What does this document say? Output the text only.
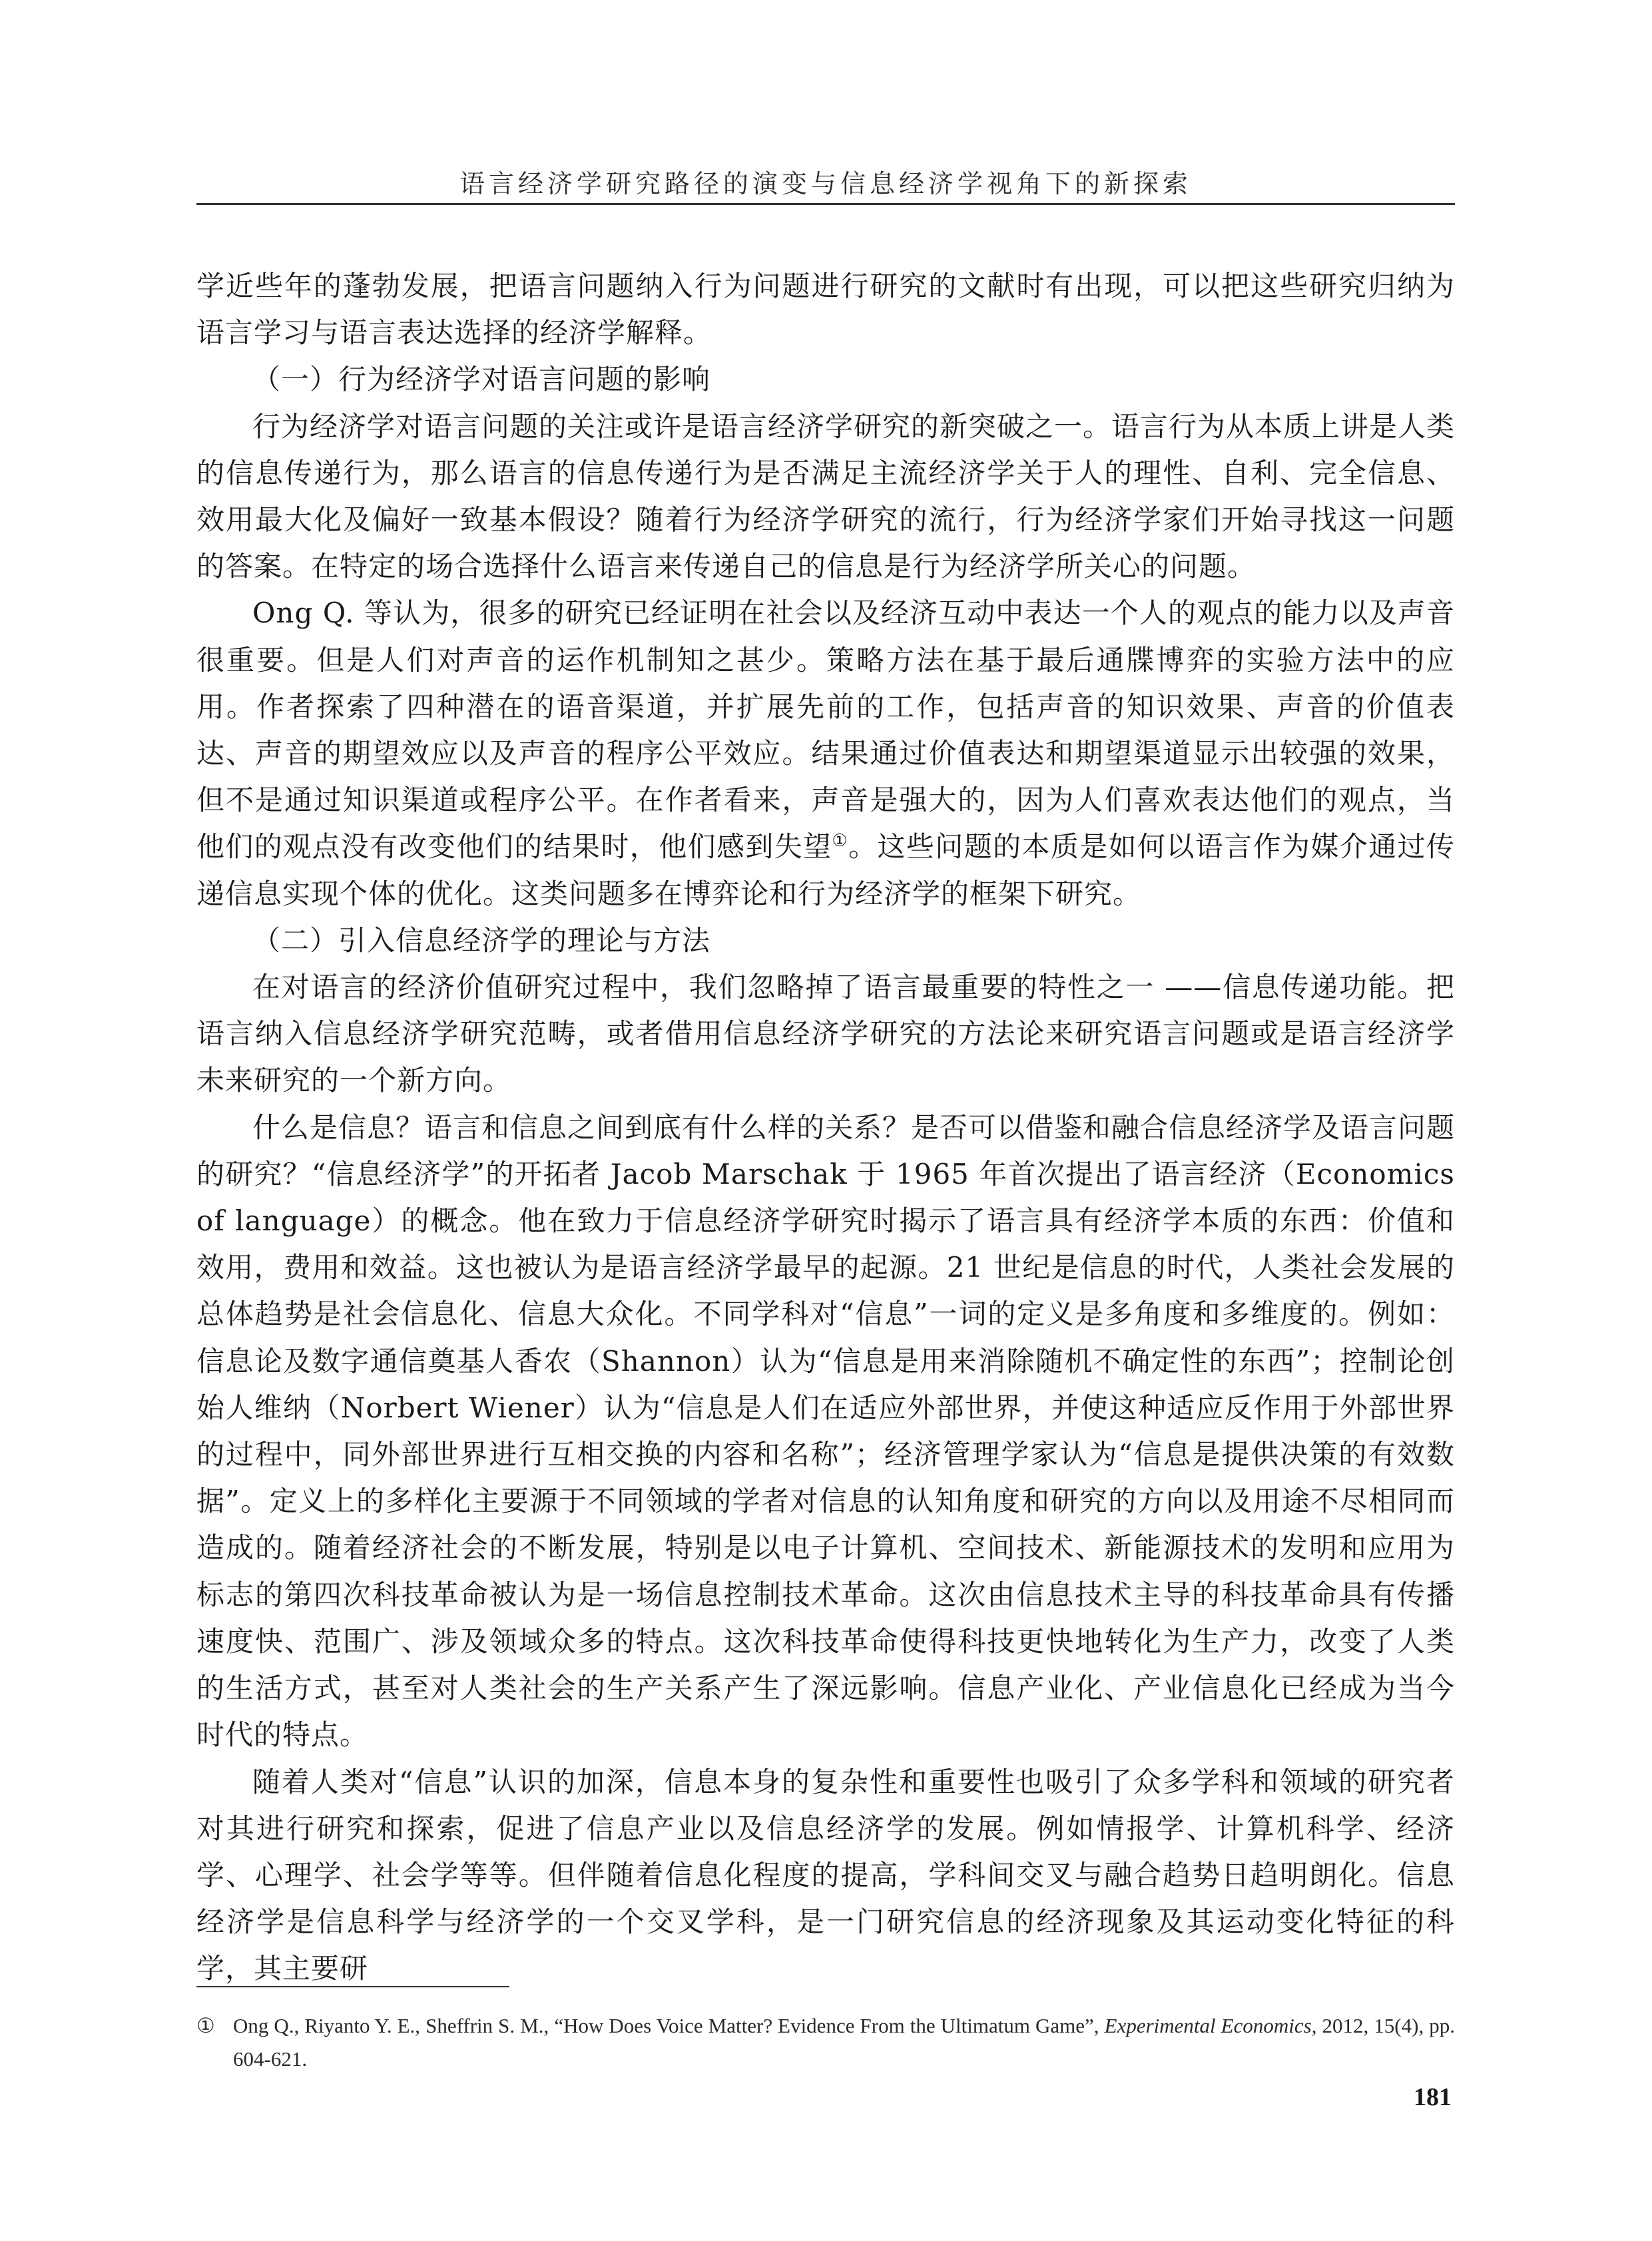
语言经济学研究路径的演变与信息经济学视角下的新探索

学近些年的蓬勃发展，把语言问题纳入行为问题进行研究的文献时有出现，可以把这些研究归纳为语言学习与语言表达选择的经济学解释。

（一）行为经济学对语言问题的影响

行为经济学对语言问题的关注或许是语言经济学研究的新突破之一。语言行为从本质上讲是人类的信息传递行为，那么语言的信息传递行为是否满足主流经济学关于人的理性、自利、完全信息、效用最大化及偏好一致基本假设？随着行为经济学研究的流行，行为经济学家们开始寻找这一问题的答案。在特定的场合选择什么语言来传递自己的信息是行为经济学所关心的问题。

Ong Q. 等认为，很多的研究已经证明在社会以及经济互动中表达一个人的观点的能力以及声音很重要。但是人们对声音的运作机制知之甚少。策略方法在基于最后通牒博弈的实验方法中的应用。作者探索了四种潜在的语音渠道，并扩展先前的工作，包括声音的知识效果、声音的价值表达、声音的期望效应以及声音的程序公平效应。结果通过价值表达和期望渠道显示出较强的效果，但不是通过知识渠道或程序公平。在作者看来，声音是强大的，因为人们喜欢表达他们的观点，当他们的观点没有改变他们的结果时，他们感到失望①。这些问题的本质是如何以语言作为媒介通过传递信息实现个体的优化。这类问题多在博弈论和行为经济学的框架下研究。

（二）引入信息经济学的理论与方法

在对语言的经济价值研究过程中，我们忽略掉了语言最重要的特性之一 ——信息传递功能。把语言纳入信息经济学研究范畴，或者借用信息经济学研究的方法论来研究语言问题或是语言经济学未来研究的一个新方向。

什么是信息？语言和信息之间到底有什么样的关系？是否可以借鉴和融合信息经济学及语言问题的研究？“信息经济学”的开拓者 Jacob Marschak 于 1965 年首次提出了语言经济（Economics of language）的概念。他在致力于信息经济学研究时揭示了语言具有经济学本质的东西：价值和效用，费用和效益。这也被认为是语言经济学最早的起源。21 世纪是信息的时代，人类社会发展的总体趋势是社会信息化、信息大众化。不同学科对“信息”一词的定义是多角度和多维度的。例如：信息论及数字通信奠基人香农（Shannon）认为“信息是用来消除随机不确定性的东西”；控制论创始人维纳（Norbert Wiener）认为“信息是人们在适应外部世界，并使这种适应反作用于外部世界的过程中，同外部世界进行互相交换的内容和名称”；经济管理学家认为“信息是提供决策的有效数据”。定义上的多样化主要源于不同领域的学者对信息的认知角度和研究的方向以及用途不尽相同而造成的。随着经济社会的不断发展，特别是以电子计算机、空间技术、新能源技术的发明和应用为标志的第四次科技革命被认为是一场信息控制技术革命。这次由信息技术主导的科技革命具有传播速度快、范围广、涉及领域众多的特点。这次科技革命使得科技更快地转化为生产力，改变了人类的生活方式，甚至对人类社会的生产关系产生了深远影响。信息产业化、产业信息化已经成为当今时代的特点。

随着人类对“信息”认识的加深，信息本身的复杂性和重要性也吸引了众多学科和领域的研究者对其进行研究和探索，促进了信息产业以及信息经济学的发展。例如情报学、计算机科学、经济学、心理学、社会学等等。但伴随着信息化程度的提高，学科间交叉与融合趋势日趋明朗化。信息经济学是信息科学与经济学的一个交叉学科，是一门研究信息的经济现象及其运动变化特征的科学，其主要研

① Ong Q., Riyanto Y. E., Sheffrin S. M., “How Does Voice Matter? Evidence From the Ultimatum Game”, Experimental Economics, 2012, 15(4), pp. 604-621.
181
